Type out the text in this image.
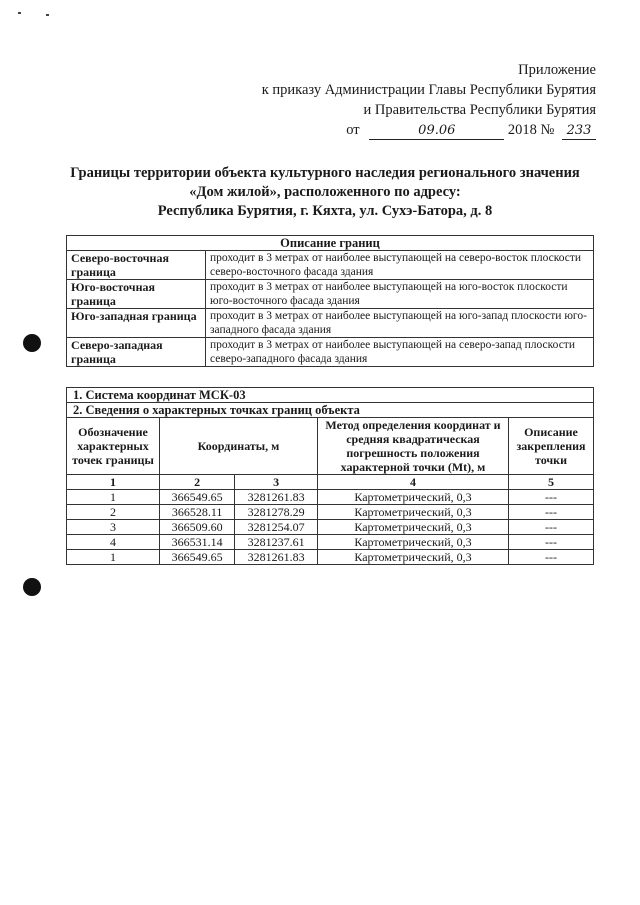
Приложение
к приказу Администрации Главы Республики Бурятия
и Правительства Республики Бурятия
от	09.06	2018 № 233
Границы территории объекта культурного наследия регионального значения
«Дом жилой», расположенного по адресу:
Республика Бурятия, г. Кяхта, ул. Сухэ-Батора, д. 8
Описание границ	
Северо-восточная граница	проходит в 3 метрах от наиболее выступающей на северо-восток плоскости северо-восточного фасада здания
Юго-восточная граница	проходит в 3 метрах от наиболее выступающей на юго-восток плоскости юго-восточного фасада здания
Юго-западная граница	проходит в 3 метрах от наиболее выступающей на юго-запад плоскости юго-западного фасада здания
Северо-западная граница	проходит в 3 метрах от наиболее выступающей на северо-запад плоскости северо-западного фасада здания
1. Система координат МСК-03				
2. Сведения о характерных точках границ объекта				
Обозначение характерных точек границы	Координаты, м		Метод определения координат и средняя квадратическая погрешность положения характерной точки (Mt), м	Описание закрепления точки
1	2	3	4	5
1	366549.65	3281261.83	Картометрический, 0,3	---
2	366528.11	3281278.29	Картометрический, 0,3	---
3	366509.60	3281254.07	Картометрический, 0,3	---
4	366531.14	3281237.61	Картометрический, 0,3	---
1	366549.65	3281261.83	Картометрический, 0,3	---
